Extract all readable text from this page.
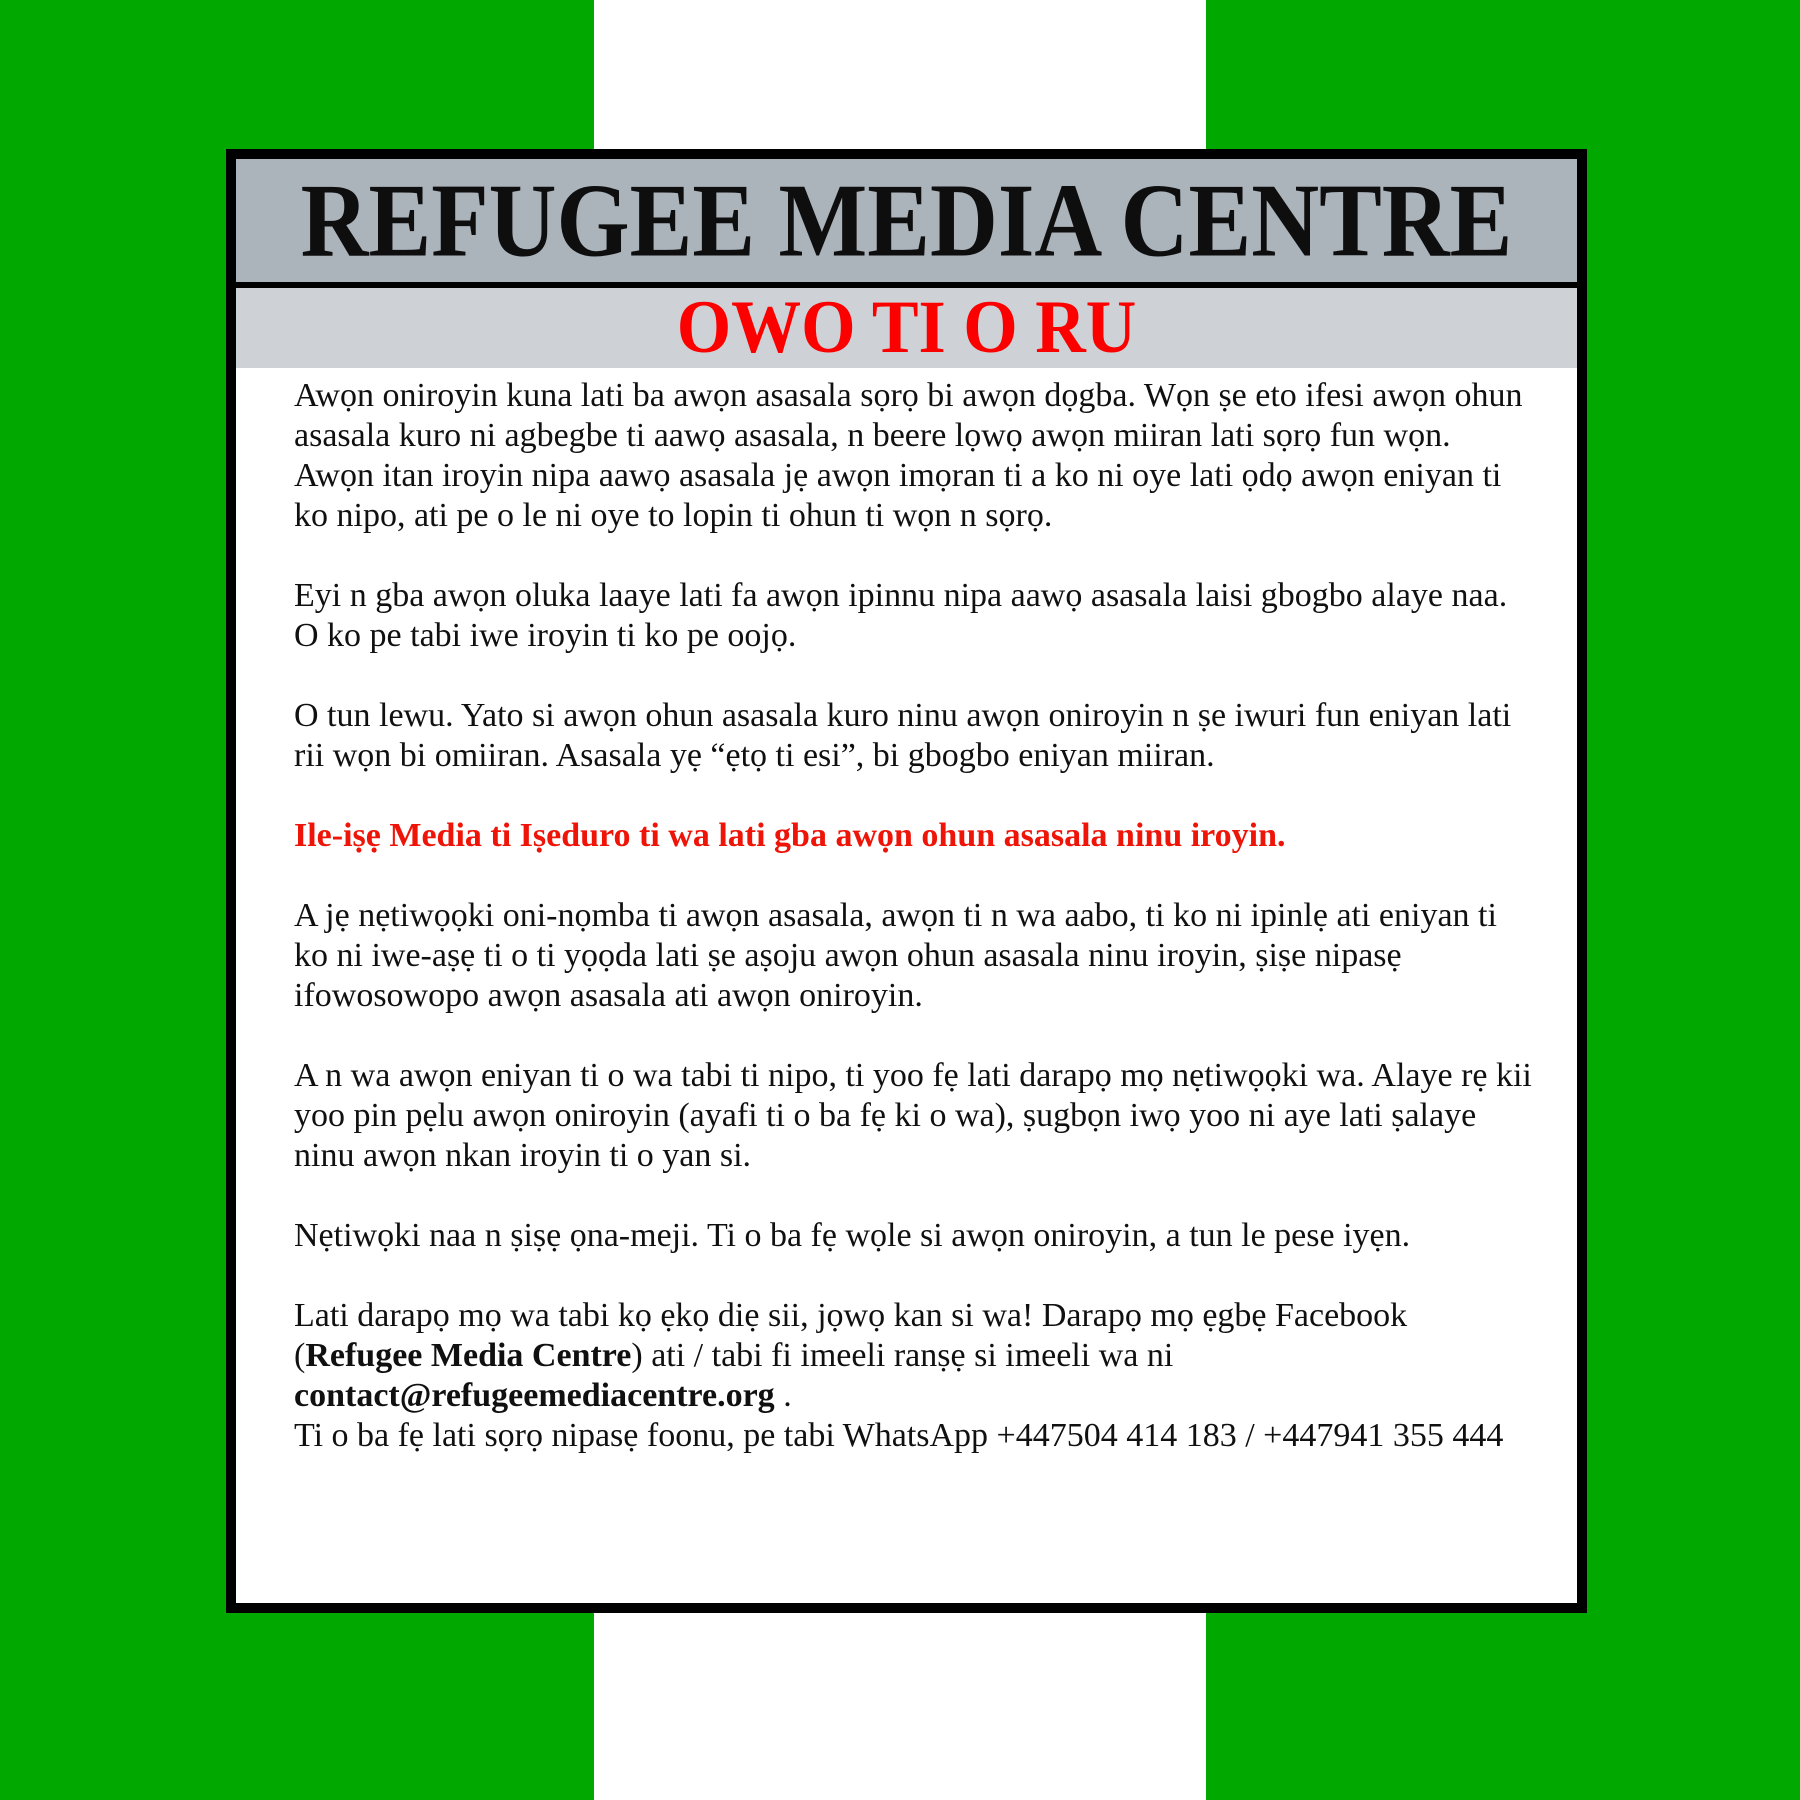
REFUGEE MEDIA CENTRE
OWO TI O RU

Awọn oniroyin kuna lati ba awọn asasala sọrọ bi awọn dọgba. Wọn ṣe eto ifesi awọn ohun asasala kuro ni agbegbe ti aawọ asasala, n beere lọwọ awọn miiran lati sọrọ fun wọn.

Awọn itan iroyin nipa aawọ asasala jẹ awọn imọran ti a ko ni oye lati ọdọ awọn eniyan ti ko nipo, ati pe o le ni oye to lopin ti ohun ti wọn n sọrọ.

Eyi n gba awọn oluka laaye lati fa awọn ipinnu nipa aawọ asasala laisi gbogbo alaye naa. O ko pe tabi iwe iroyin ti ko pe oojọ.

O tun lewu. Yato si awọn ohun asasala kuro ninu awọn oniroyin n ṣe iwuri fun eniyan lati rii wọn bi omiiran. Asasala yẹ “ẹtọ ti esi”, bi gbogbo eniyan miiran.

Ile-iṣẹ Media ti Iṣeduro ti wa lati gba awọn ohun asasala ninu iroyin.

A jẹ nẹtiwọọki oni-nọmba ti awọn asasala, awọn ti n wa aabo, ti ko ni ipinlẹ ati eniyan ti ko ni iwe-aṣẹ ti o ti yọọda lati ṣe aṣoju awọn ohun asasala ninu iroyin, ṣiṣe nipasẹ ifowosowopo awọn asasala ati awọn oniroyin.

A n wa awọn eniyan ti o wa tabi ti nipo, ti yoo fẹ lati darapọ mọ nẹtiwọọki wa. Alaye rẹ kii yoo pin pẹlu awọn oniroyin (ayafi ti o ba fẹ ki o wa), ṣugbọn iwọ yoo ni aye lati ṣalaye ninu awọn nkan iroyin ti o yan si.

Nẹtiwọki naa n ṣiṣẹ ọna-meji. Ti o ba fẹ wọle si awọn oniroyin, a tun le pese iyẹn.

Lati darapọ mọ wa tabi kọ ẹkọ diẹ sii, jọwọ kan si wa! Darapọ mọ ẹgbẹ Facebook (Refugee Media Centre) ati / tabi fi imeeli ranṣẹ si imeeli wa ni contact@refugeemediacentre.org .
Ti o ba fẹ lati sọrọ nipasẹ foonu, pe tabi WhatsApp +447504 414 183 / +447941 355 444
